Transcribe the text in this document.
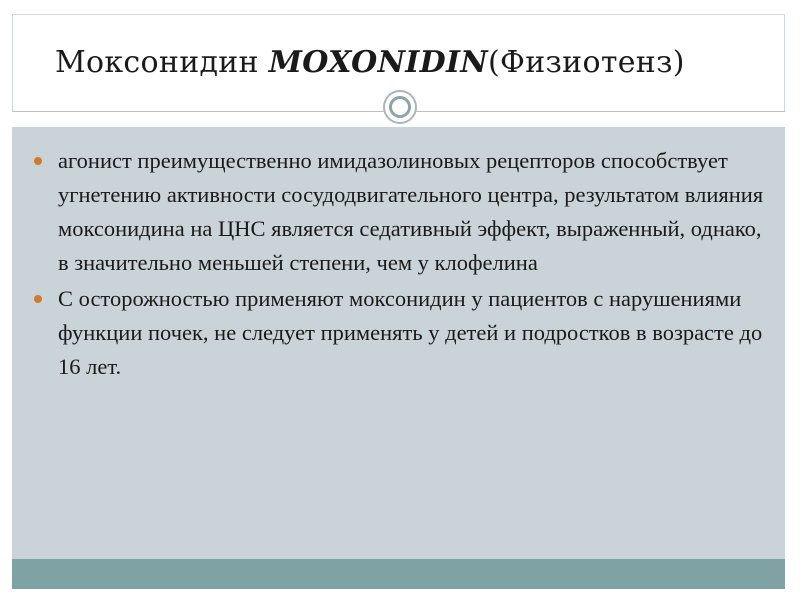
Моксонидин MOXONIDIN(Физиотенз)
агонист преимущественно имидазолиновых рецепторов способствует угнетению активности сосудодвигательного центра, результатом влияния моксонидина на ЦНС является седативный эффект, выраженный, однако, в значительно меньшей степени, чем у клофелина
С осторожностью применяют моксонидин у пациентов с нарушениями функции почек, не следует применять у детей и подростков в возрасте до 16 лет.
